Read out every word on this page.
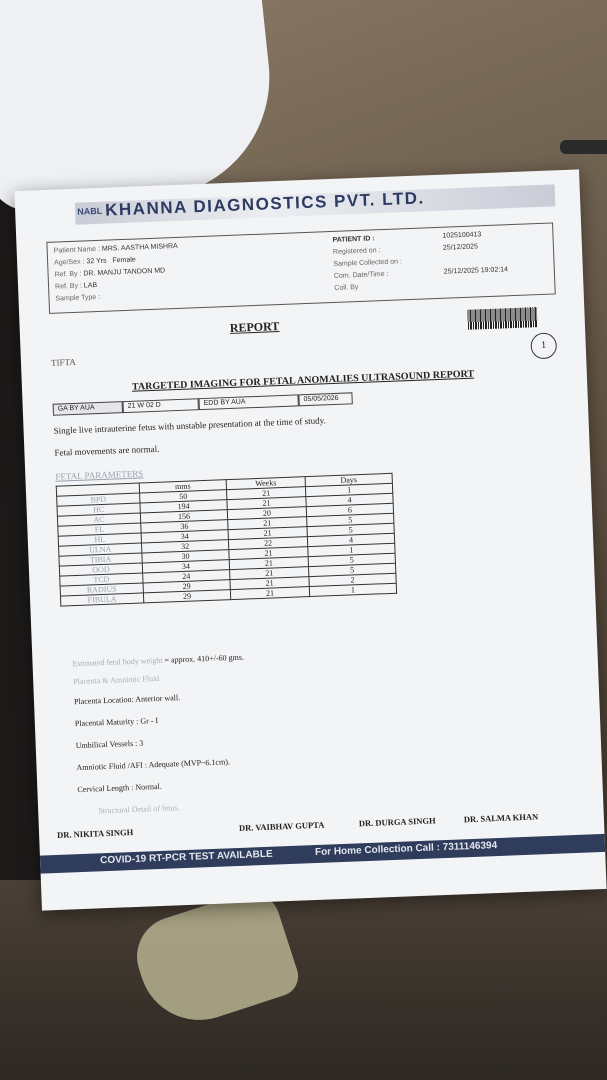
NABL KHANNA DIAGNOSTICS PVT. LTD.
Patient Name : MRS. AASTHA MISHRA
Age/Sex : 32 Yrs Female
Ref. By : DR. MANJU TANDON MD
Ref. By : LAB
Sample Type :
PATIENT ID :	1025100413
Registered on :	25/12/2025
Sample Collected on :
Com. Date/Time :	25/12/2025 19:02:14
Coll. By
REPORT
TIFTA
1
TARGETED IMAGING FOR FETAL ANOMALIES ULTRASOUND REPORT
GA BY AUA	21 W 02 D	EDD BY AUA	05/05/2026
Single live intrauterine fetus with unstable presentation at the time of study.
Fetal movements are normal.
FETAL PARAMETERS
	mms	Weeks	Days
BPD	50	21	1
HC	194	21	4
AC	156	20	6
FL	36	21	5
HL	34	21	5
ULNA	32	22	4
TIBIA	30	21	1
OOD	34	21	5
TCD	24	21	5
RADIUS	29	21	2
FIBULA	29	21	1
Estimated fetal body weight = approx. 410+/-60 gms.
Placenta & Amniotic Fluid
Placenta Location: Anterior wall.
Placental Maturity : Gr - I
Umbilical Vessels : 3
Amniotic Fluid /AFI : Adequate (MVP~6.1cm).
Cervical Length : Normal.
Structural Detail of fetus.
DR. NIKITA SINGH
DR. VAIBHAV GUPTA	DR. DURGA SINGH	DR. SALMA KHAN
COVID-19 RT-PCR TEST AVAILABLE	For Home Collection Call : 7311146394
